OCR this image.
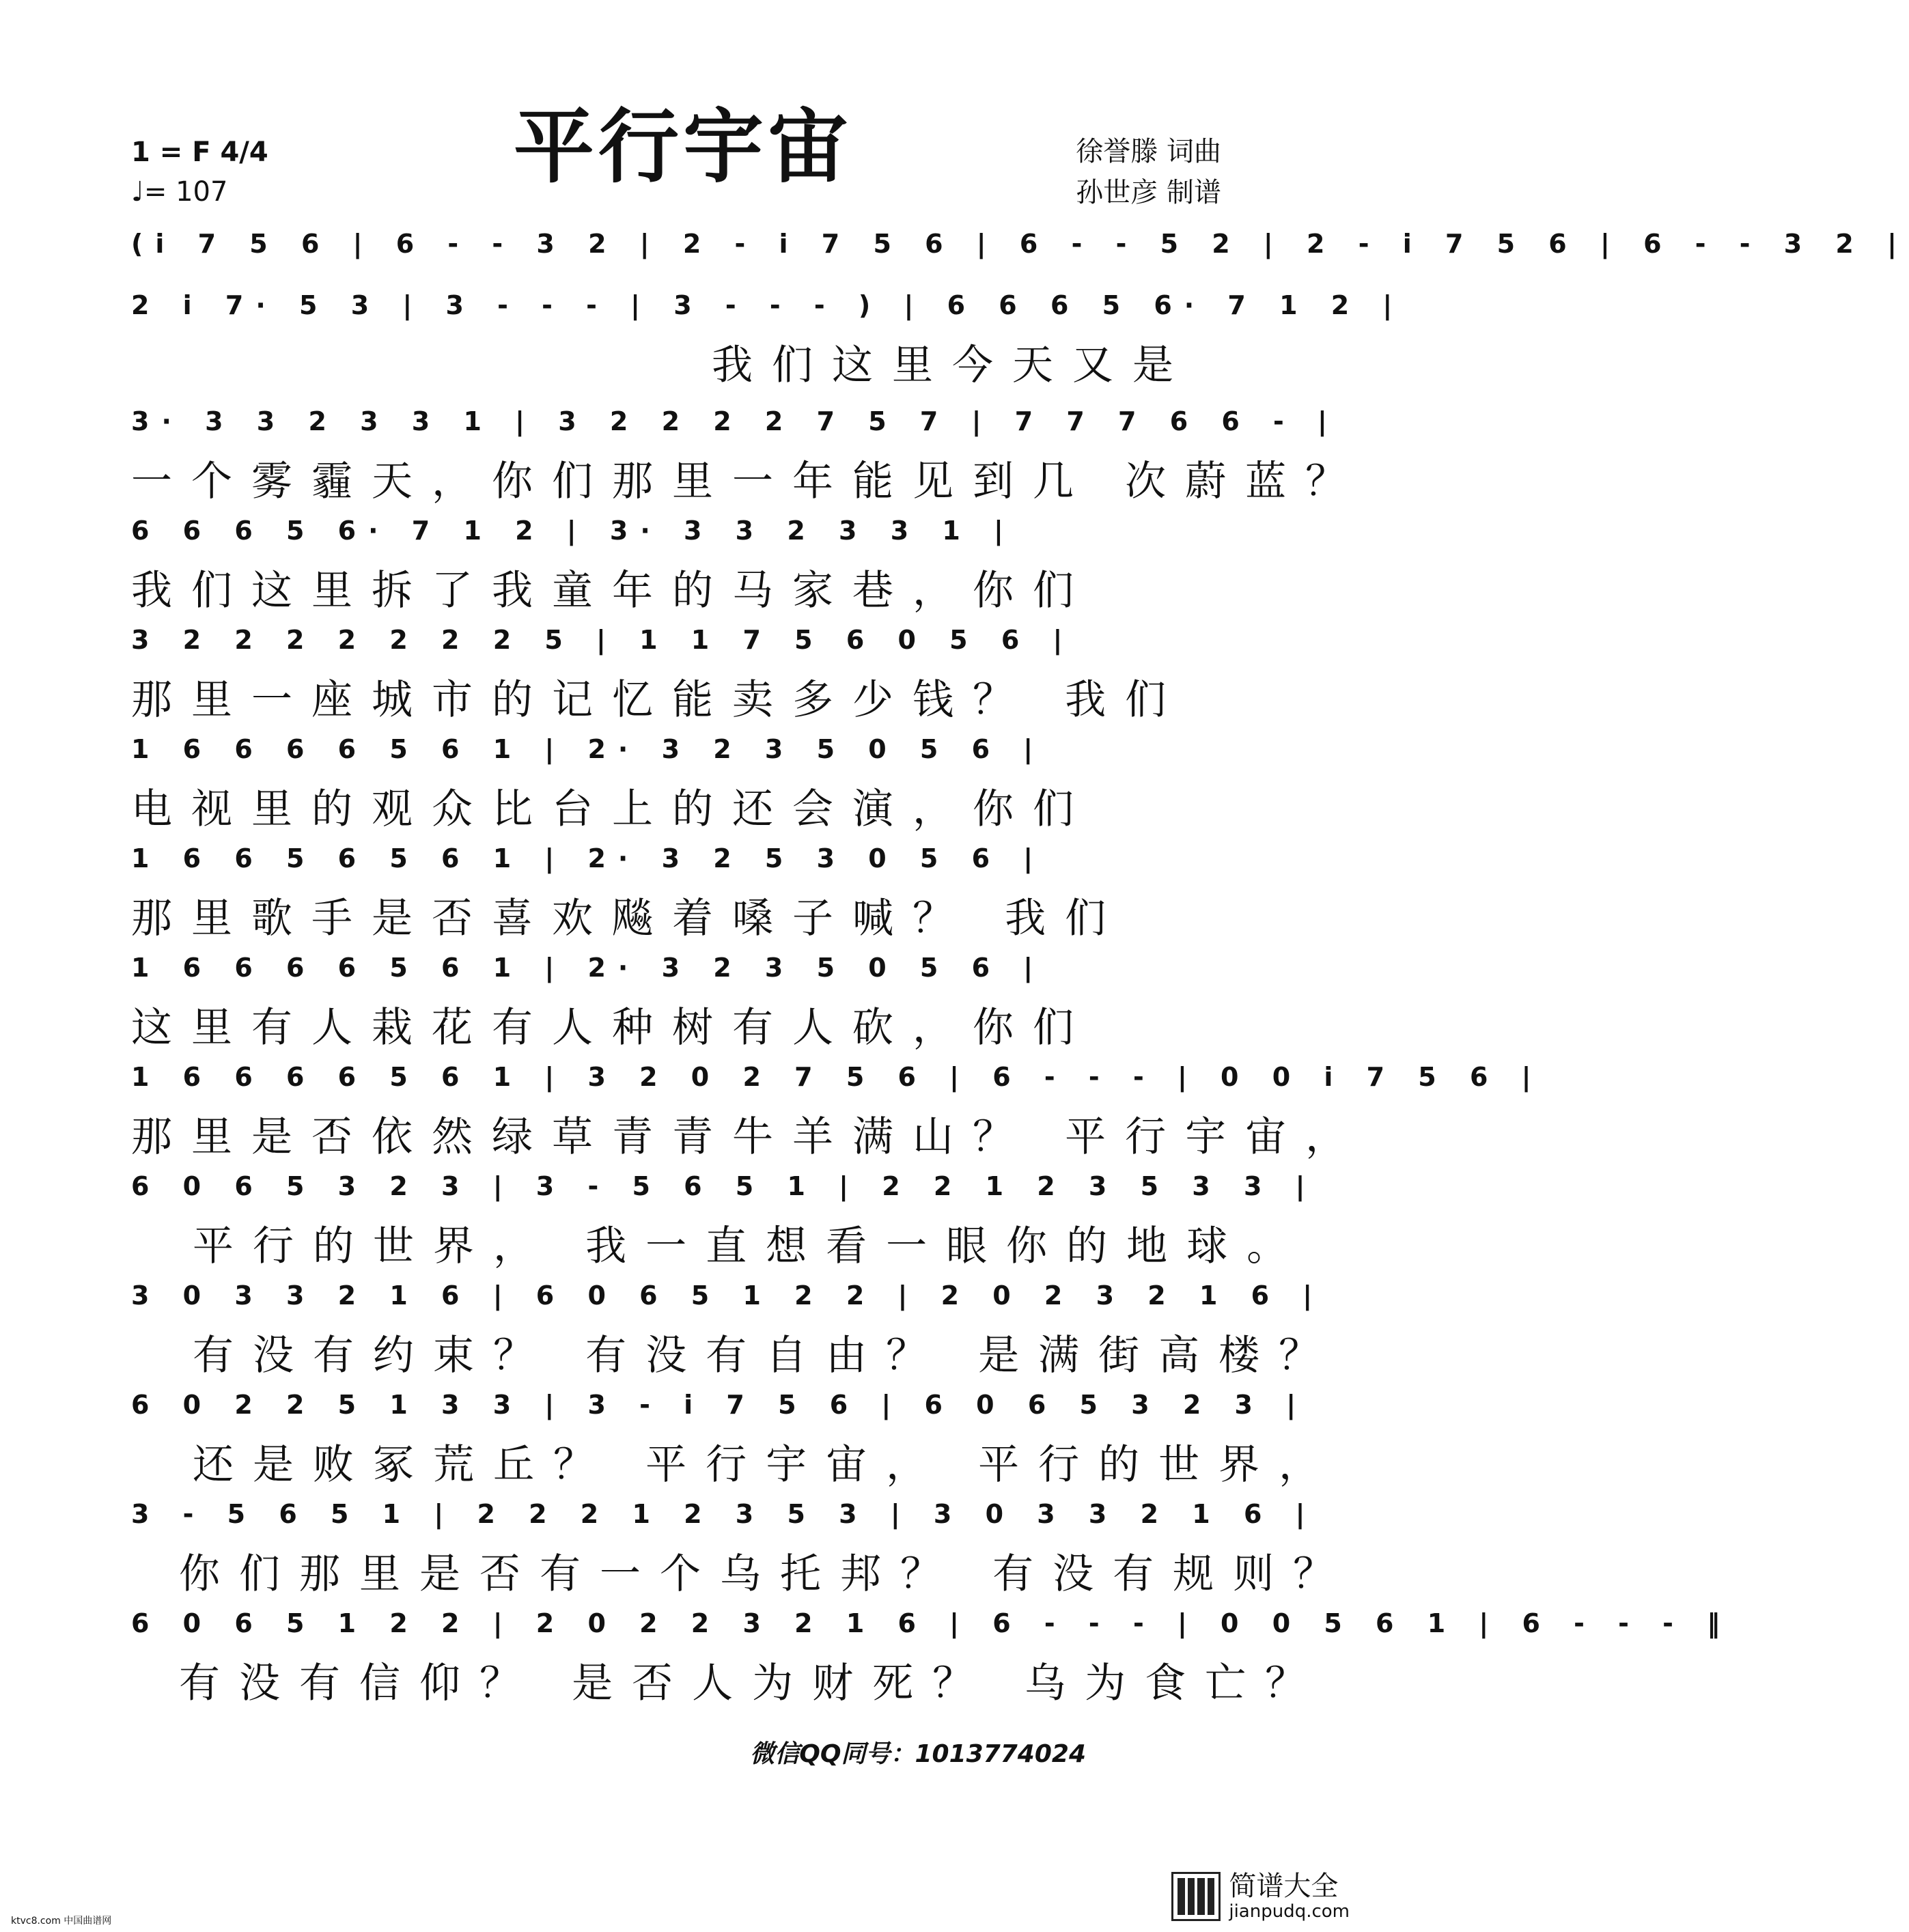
平行宇宙
1 = F 4/4
♩= 107
徐誉滕 词曲
孙世彦 制谱
(i 7 5 6 | 6 - - 3 2 | 2 - i 7 5 6 | 6 - - 5 2 | 2 - i 7 5 6 | 6 - - 3 2 |
2 i 7· 5 3 | 3 - - - | 3 - - - ) | 6 6 6 5 6· 7 1 2 |
我们这里今天又是
3· 3 3 2 3 3 1 | 3 2 2 2 2 7 5 7 | 7 7 7 6 6 - |
一个雾霾天，你们那里一年能见到几 次蔚蓝？
6 6 6 5 6· 7 1 2 | 3· 3 3 2 3 3 1 |
我们这里拆了我童年的马家巷，你们
3 2 2 2 2 2 2 2 5 | 1 1 7 5 6 0 5 6 |
那里一座城市的记忆能卖多少钱？ 我们
1 6 6 6 6 5 6 1 | 2· 3 2 3 5 0 5 6 |
电视里的观众比台上的还会演，你们
1 6 6 5 6 5 6 1 | 2· 3 2 5 3 0 5 6 |
那里歌手是否喜欢飚着嗓子喊？ 我们
1 6 6 6 6 5 6 1 | 2· 3 2 3 5 0 5 6 |
这里有人栽花有人种树有人砍，你们
1 6 6 6 6 5 6 1 | 3 2 0 2 7 5 6 | 6 - - - | 0 0 i 7 5 6 |
那里是否依然绿草青青牛羊满山？ 平行宇宙，
6 0 6 5 3 2 3 | 3 - 5 6 5 1 | 2 2 1 2 3 5 3 3 |
平行的世界， 我一直想看一眼你的地球。
3 0 3 3 2 1 6 | 6 0 6 5 1 2 2 | 2 0 2 3 2 1 6 |
有没有约束？ 有没有自由？ 是满街高楼？
6 0 2 2 5 1 3 3 | 3 - i 7 5 6 | 6 0 6 5 3 2 3 |
还是败冢荒丘？ 平行宇宙， 平行的世界，
3 - 5 6 5 1 | 2 2 2 1 2 3 5 3 | 3 0 3 3 2 1 6 |
你们那里是否有一个乌托邦？ 有没有规则？
6 0 6 5 1 2 2 | 2 0 2 2 3 2 1 6 | 6 - - - | 0 0 5 6 1 | 6 - - - ‖
有没有信仰？ 是否人为财死？ 乌为食亡？
微信QQ同号：1013774024
简谱大全
jianpudq.com
ktvc8.com 中国曲谱网
